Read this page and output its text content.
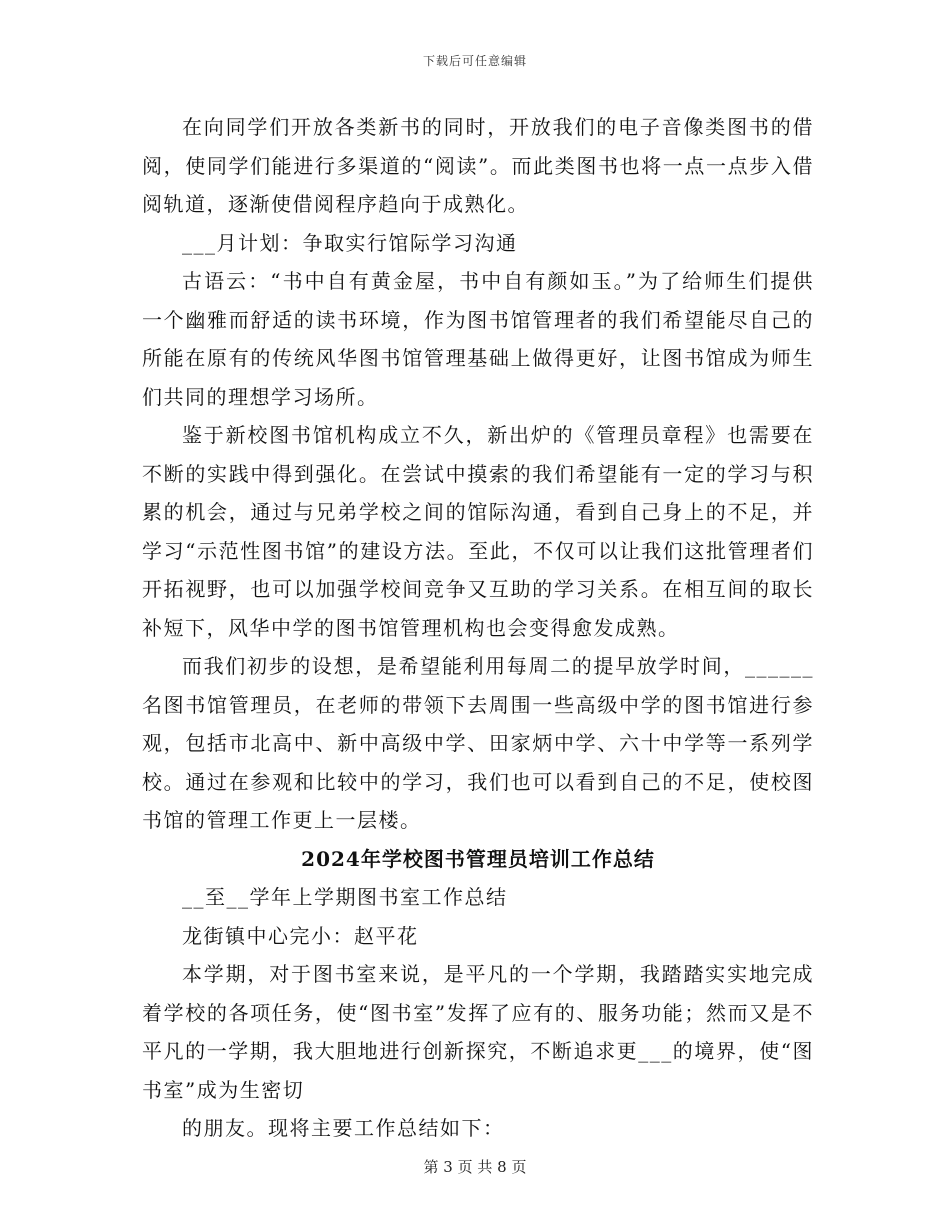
下载后可任意编辑

在向同学们开放各类新书的同时，开放我们的电子音像类图书的借阅，使同学们能进行多渠道的“阅读”。而此类图书也将一点一点步入借阅轨道，逐渐使借阅程序趋向于成熟化。

___月计划：争取实行馆际学习沟通

古语云：“书中自有黄金屋，书中自有颜如玉。”为了给师生们提供一个幽雅而舒适的读书环境，作为图书馆管理者的我们希望能尽自己的所能在原有的传统风华图书馆管理基础上做得更好，让图书馆成为师生们共同的理想学习场所。

鉴于新校图书馆机构成立不久，新出炉的《管理员章程》也需要在不断的实践中得到强化。在尝试中摸索的我们希望能有一定的学习与积累的机会，通过与兄弟学校之间的馆际沟通，看到自己身上的不足，并学习“示范性图书馆”的建设方法。至此，不仅可以让我们这批管理者们开拓视野，也可以加强学校间竞争又互助的学习关系。在相互间的取长补短下，风华中学的图书馆管理机构也会变得愈发成熟。

而我们初步的设想，是希望能利用每周二的提早放学时间，______名图书馆管理员，在老师的带领下去周围一些高级中学的图书馆进行参观，包括市北高中、新中高级中学、田家炳中学、六十中学等一系列学校。通过在参观和比较中的学习，我们也可以看到自己的不足，使校图书馆的管理工作更上一层楼。

2024年学校图书管理员培训工作总结

__至__学年上学期图书室工作总结

龙街镇中心完小：赵平花

本学期，对于图书室来说，是平凡的一个学期，我踏踏实实地完成着学校的各项任务，使“图书室”发挥了应有的、服务功能；然而又是不平凡的一学期，我大胆地进行创新探究，不断追求更___的境界，使“图书室”成为生密切

的朋友。现将主要工作总结如下：

第 3 页 共 8 页
